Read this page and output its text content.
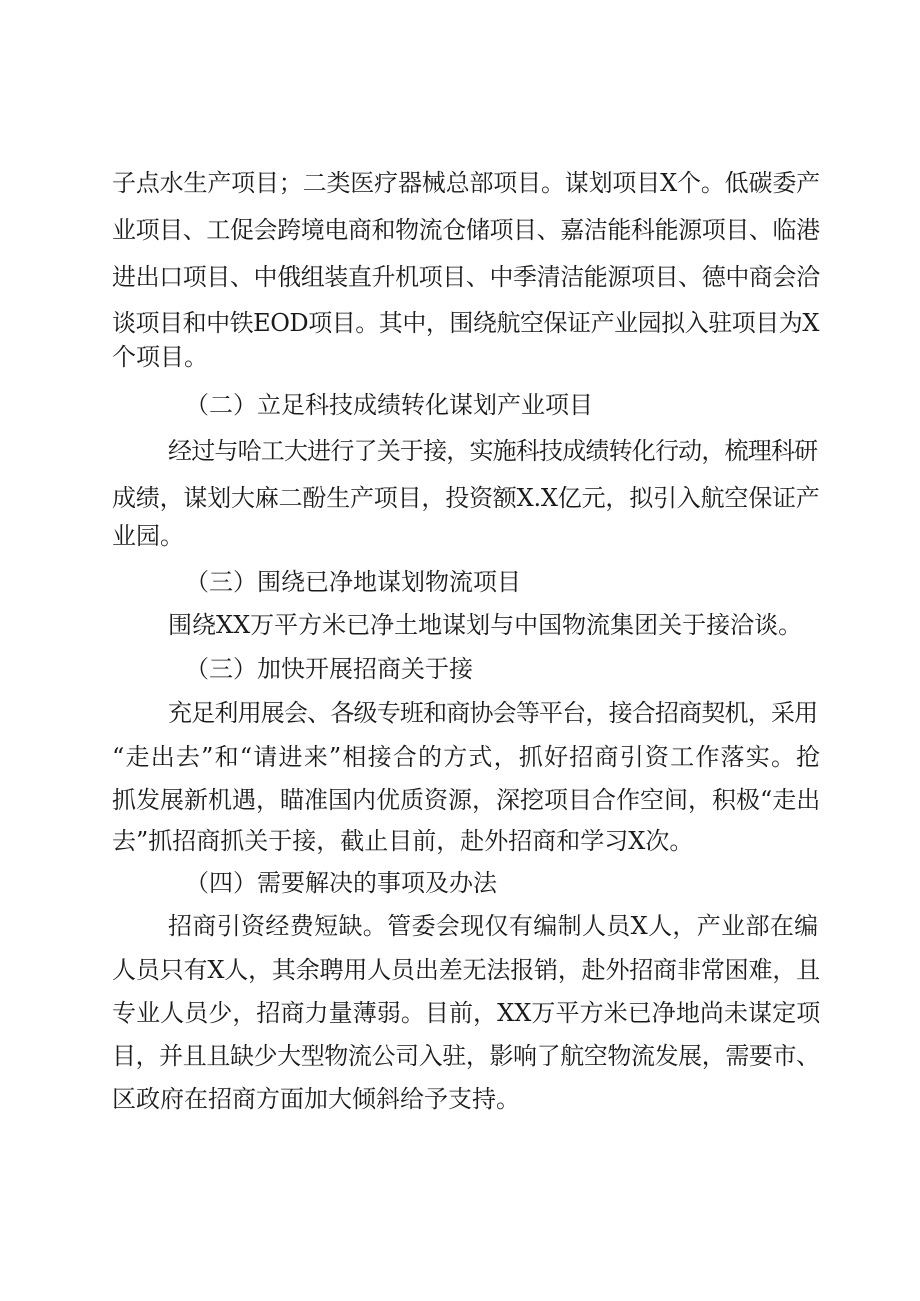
子点水生产项目；二类医疗器械总部项目。谋划项目X个。低碳委产
业项目、工促会跨境电商和物流仓储项目、嘉洁能科能源项目、临港
进出口项目、中俄组装直升机项目、中季清洁能源项目、德中商会洽
谈项目和中铁EOD项目。其中，围绕航空保证产业园拟入驻项目为X
个项目。
（二）立足科技成绩转化谋划产业项目
经过与哈工大进行了关于接，实施科技成绩转化行动，梳理科研
成绩，谋划大麻二酚生产项目，投资额X.X亿元，拟引入航空保证产
业园。
（三）围绕已净地谋划物流项目
围绕XX万平方米已净土地谋划与中国物流集团关于接洽谈。
（三）加快开展招商关于接
充足利用展会、各级专班和商协会等平台，接合招商契机，采用
“走出去”和“请进来”相接合的方式，抓好招商引资工作落实。抢
抓发展新机遇，瞄准国内优质资源，深挖项目合作空间，积极“走出
去”抓招商抓关于接，截止目前，赴外招商和学习X次。
（四）需要解决的事项及办法
招商引资经费短缺。管委会现仅有编制人员X人，产业部在编
人员只有X人，其余聘用人员出差无法报销，赴外招商非常困难，且
专业人员少，招商力量薄弱。目前，XX万平方米已净地尚未谋定项
目，并且且缺少大型物流公司入驻，影响了航空物流发展，需要市、
区政府在招商方面加大倾斜给予支持。
